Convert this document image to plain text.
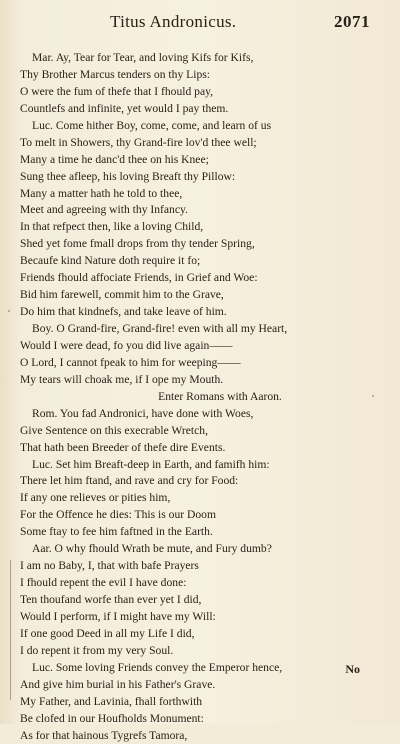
Titus Andronicus.	2071
Mar. Ay, Tear for Tear, and loving Kifs for Kifs,
Thy Brother Marcus tenders on thy Lips:
O were the fum of thefe that I fhould pay,
Countlefs and infinite, yet would I pay them.
Luc. Come hither Boy, come, come, and learn of us
To melt in Showers, thy Grand-fire lov'd thee well;
Many a time he danc'd thee on his Knee;
Sung thee afleep, his loving Breaft thy Pillow:
Many a matter hath he told to thee,
Meet and agreeing with thy Infancy.
In that refpect then, like a loving Child,
Shed yet fome fmall drops from thy tender Spring,
Becaufe kind Nature doth require it fo;
Friends fhould affociate Friends, in Grief and Woe:
Bid him farewell, commit him to the Grave,
Do him that kindnefs, and take leave of him.
Boy. O Grand-fire, Grand-fire! even with all my Heart,
Would I were dead, fo you did live again——
O Lord, I cannot fpeak to him for weeping——
My tears will choak me, if I ope my Mouth.
Enter Romans with Aaron.
Rom. You fad Andronici, have done with Woes,
Give Sentence on this execrable Wretch,
That hath been Breeder of thefe dire Events.
Luc. Set him Breaft-deep in Earth, and famifh him:
There let him ftand, and rave and cry for Food:
If any one relieves or pities him,
For the Offence he dies: This is our Doom
Some ftay to fee him faftned in the Earth.
Aar. O why fhould Wrath be mute, and Fury dumb?
I am no Baby, I, that with bafe Prayers
I fhould repent the evil I have done:
Ten thoufand worfe than ever yet I did,
Would I perform, if I might have my Will:
If one good Deed in all my Life I did,
I do repent it from my very Soul.
Luc. Some loving Friends convey the Emperor hence,
And give him burial in his Father's Grave.
My Father, and Lavinia, fhall forthwith
Be clofed in our Houfholds Monument:
As for that hainous Tygrefs Tamora,
No
